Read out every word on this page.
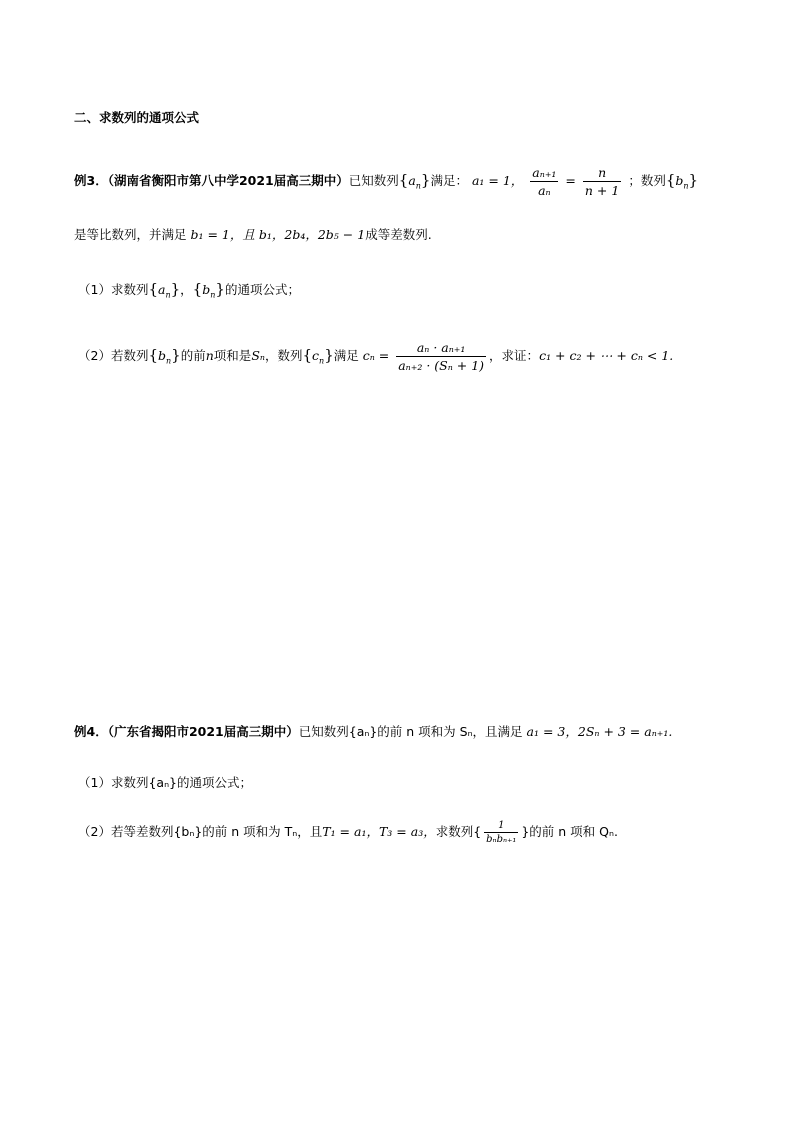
二、求数列的通项公式
例3．（湖南省衡阳市第八中学2021届高三期中）已知数列$\{a_n\}$满足： a₁ = 1， $\frac{\text{aₙ₊₁}}{\text{aₙ}} = \frac{n}{n + 1}$ ；数列$\{b_n\}$
是等比数列，并满足 b₁ = 1，且 b₁，2b₄，2b₅ − 1成等差数列.
（1）求数列$\{a_n\}$，$\{b_n\}$的通项公式；
（2）若数列$\{b_n\}$的前n项和是Sₙ，数列$\{c_n\}$满足 $c_n = \frac{\text{aₙ · aₙ₊₁}}{\text{aₙ₊₂ · (Sₙ + 1)}}$ ，求证：c₁ + c₂ + ⋯ + cₙ < 1.
例4．（广东省揭阳市2021届高三期中）已知数列{aₙ}的前 n 项和为 Sₙ，且满足 a₁ = 3，2Sₙ + 3 = aₙ₊₁.
（1）求数列{aₙ}的通项公式；
（2）若等差数列{bₙ}的前 n 项和为 Tₙ，且T₁ = a₁，T₃ = a₃，求数列{ $\frac{1}{\text{bₙbₙ₊₁}}$ }的前 n 项和 Qₙ.
